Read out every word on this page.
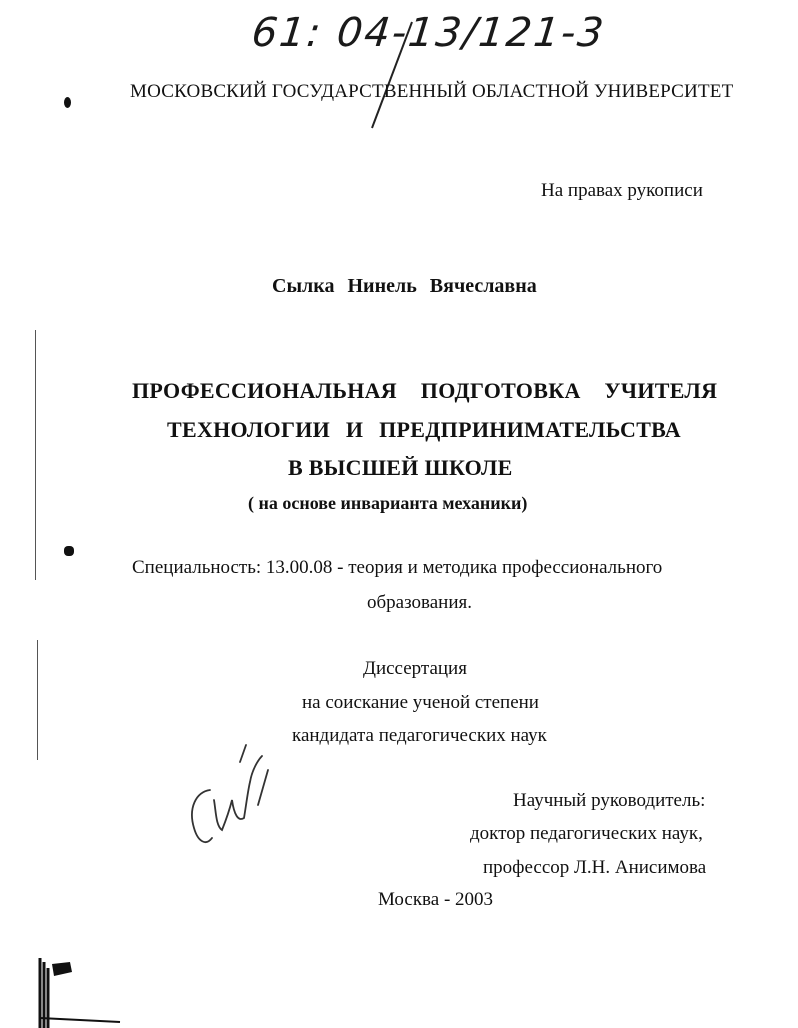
61: 04-13/121-3
МОСКОВСКИЙ ГОСУДАРСТВЕННЫЙ ОБЛАСТНОЙ УНИВЕРСИТЕТ
На правах рукописи
Сылка Нинель Вячеславна
ПРОФЕССИОНАЛЬНАЯ ПОДГОТОВКА УЧИТЕЛЯ
ТЕХНОЛОГИИ И ПРЕДПРИНИМАТЕЛЬСТВА
В ВЫСШЕЙ ШКОЛЕ
( на основе инварианта механики)
Специальность: 13.00.08 - теория и методика профессионального
образования.
Диссертация
на соискание ученой степени
кандидата педагогических наук
Научный руководитель:
доктор педагогических наук,
профессор Л.Н. Анисимова
Москва - 2003
